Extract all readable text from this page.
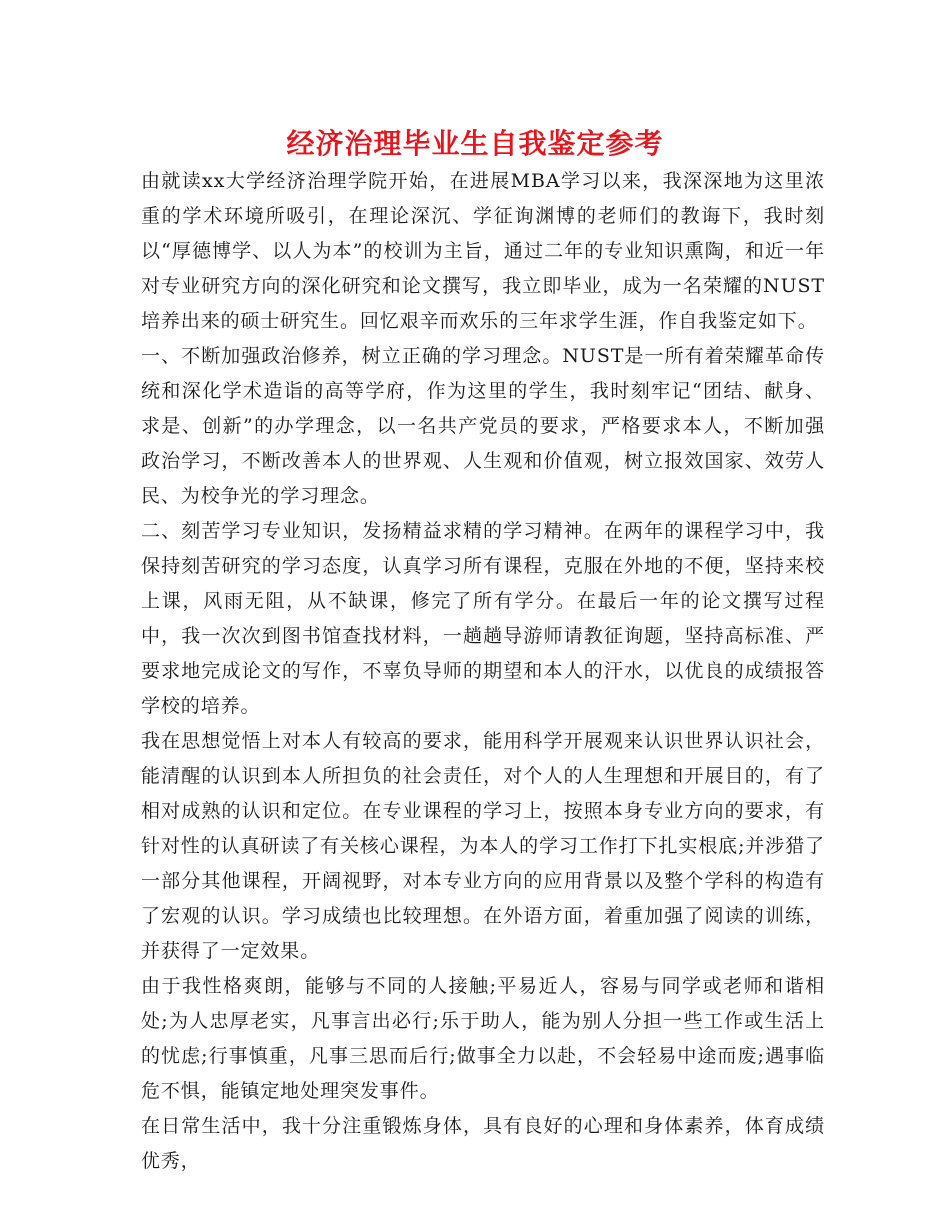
经济治理毕业生自我鉴定参考

由就读xx大学经济治理学院开始，在进展MBA学习以来，我深深地为这里浓重的学术环境所吸引，在理论深沉、学征询渊博的老师们的教诲下，我时刻以“厚德博学、以人为本”的校训为主旨，通过二年的专业知识熏陶，和近一年对专业研究方向的深化研究和论文撰写，我立即毕业，成为一名荣耀的NUST培养出来的硕士研究生。回忆艰辛而欢乐的三年求学生涯，作自我鉴定如下。

一、不断加强政治修养，树立正确的学习理念。NUST是一所有着荣耀革命传统和深化学术造诣的高等学府，作为这里的学生，我时刻牢记“团结、献身、求是、创新”的办学理念，以一名共产党员的要求，严格要求本人，不断加强政治学习，不断改善本人的世界观、人生观和价值观，树立报效国家、效劳人民、为校争光的学习理念。

二、刻苦学习专业知识，发扬精益求精的学习精神。在两年的课程学习中，我保持刻苦研究的学习态度，认真学习所有课程，克服在外地的不便，坚持来校上课，风雨无阻，从不缺课，修完了所有学分。在最后一年的论文撰写过程中，我一次次到图书馆查找材料，一趟趟导游师请教征询题，坚持高标准、严要求地完成论文的写作，不辜负导师的期望和本人的汗水，以优良的成绩报答学校的培养。

我在思想觉悟上对本人有较高的要求，能用科学开展观来认识世界认识社会，能清醒的认识到本人所担负的社会责任，对个人的人生理想和开展目的，有了相对成熟的认识和定位。在专业课程的学习上，按照本身专业方向的要求，有针对性的认真研读了有关核心课程，为本人的学习工作打下扎实根底;并涉猎了一部分其他课程，开阔视野，对本专业方向的应用背景以及整个学科的构造有了宏观的认识。学习成绩也比较理想。在外语方面，着重加强了阅读的训练，并获得了一定效果。

由于我性格爽朗，能够与不同的人接触;平易近人，容易与同学或老师和谐相处;为人忠厚老实，凡事言出必行;乐于助人，能为别人分担一些工作或生活上的忧虑;行事慎重，凡事三思而后行;做事全力以赴，不会轻易中途而废;遇事临危不惧，能镇定地处理突发事件。

在日常生活中，我十分注重锻炼身体，具有良好的心理和身体素养，体育成绩优秀，
